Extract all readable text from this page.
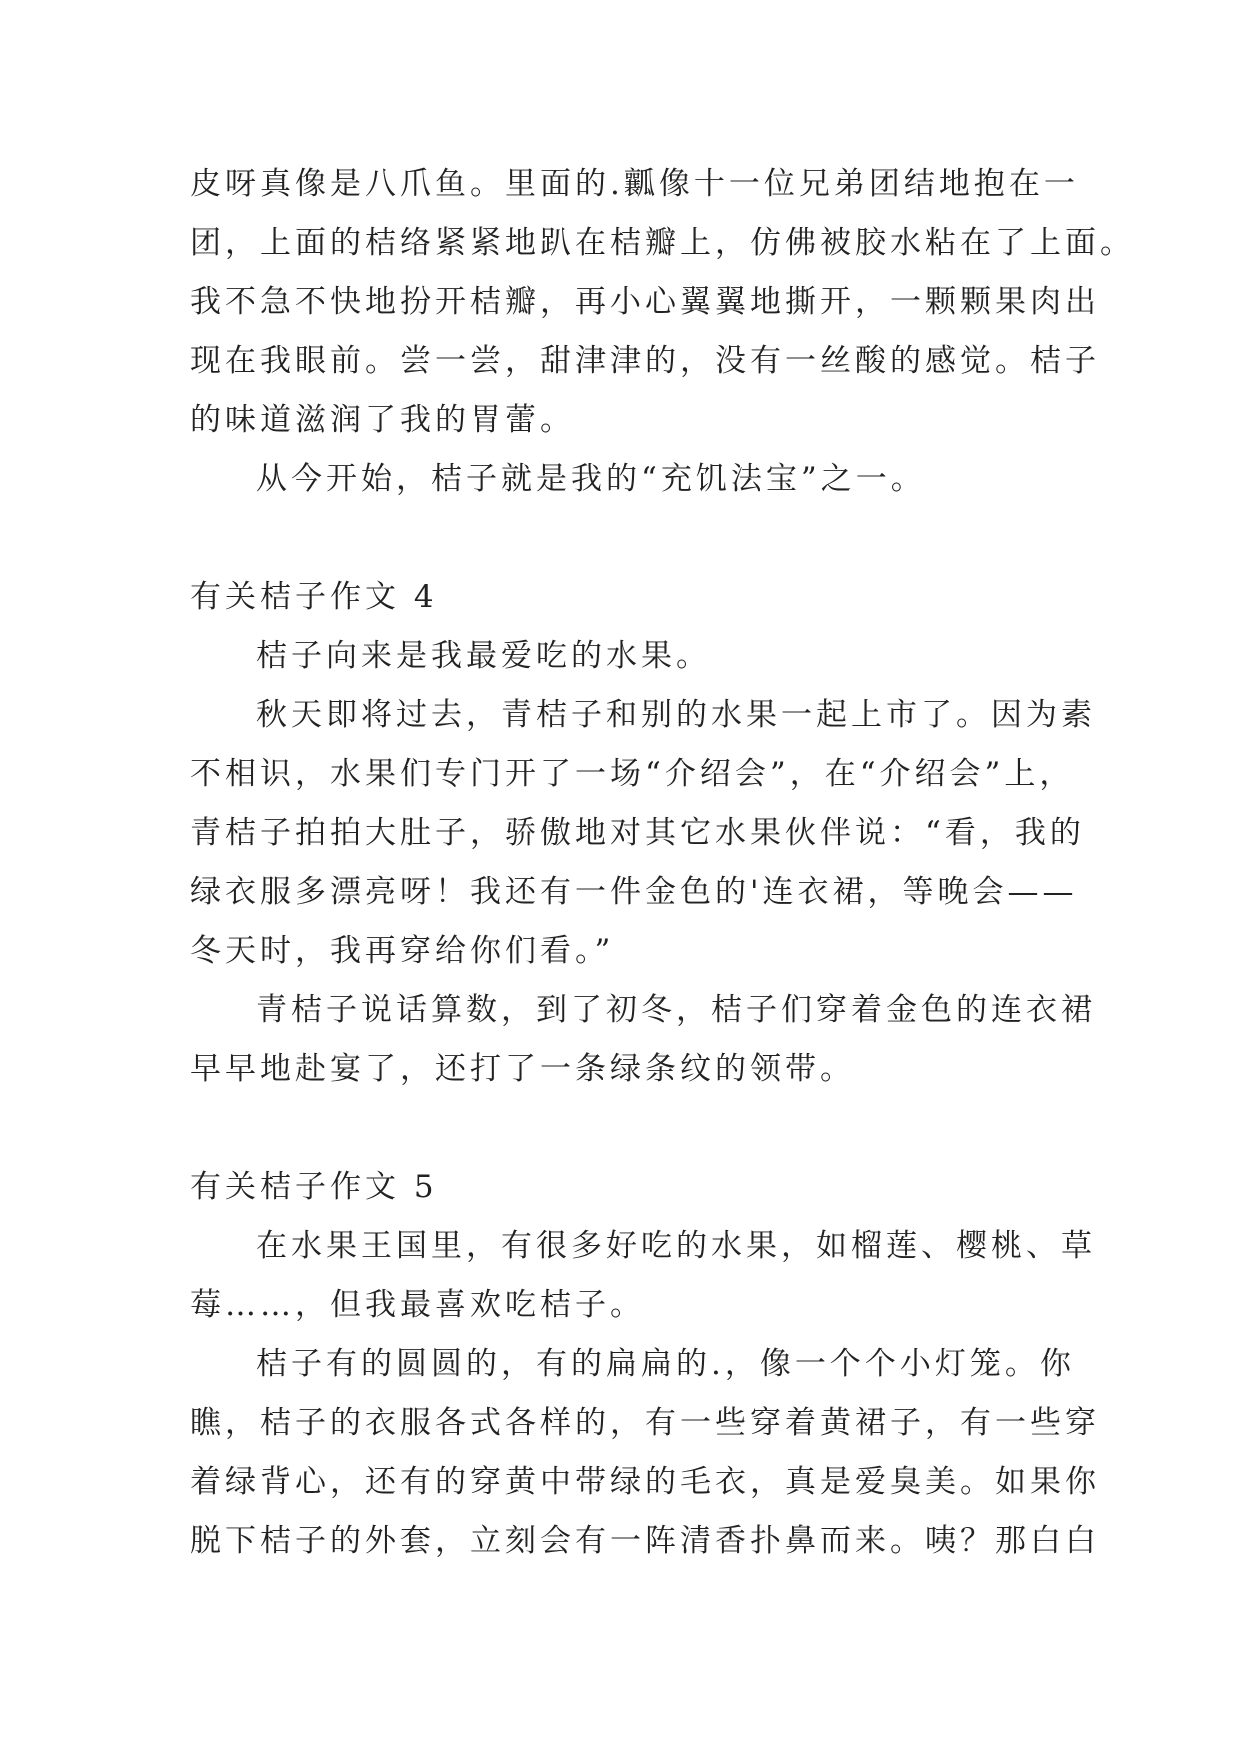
皮呀真像是八爪鱼。里面的.瓤像十一位兄弟团结地抱在一
团，上面的桔络紧紧地趴在桔瓣上，仿佛被胶水粘在了上面。
我不急不快地扮开桔瓣，再小心翼翼地撕开，一颗颗果肉出
现在我眼前。尝一尝，甜津津的，没有一丝酸的感觉。桔子
的味道滋润了我的胃蕾。
从今开始，桔子就是我的“充饥法宝”之一。
有关桔子作文 4
桔子向来是我最爱吃的水果。
秋天即将过去，青桔子和别的水果一起上市了。因为素
不相识，水果们专门开了一场“介绍会”，在“介绍会”上，
青桔子拍拍大肚子，骄傲地对其它水果伙伴说：“看，我的
绿衣服多漂亮呀！我还有一件金色的'连衣裙，等晚会——
冬天时，我再穿给你们看。”
青桔子说话算数，到了初冬，桔子们穿着金色的连衣裙
早早地赴宴了，还打了一条绿条纹的领带。
有关桔子作文 5
在水果王国里，有很多好吃的水果，如榴莲、樱桃、草
莓……，但我最喜欢吃桔子。
桔子有的圆圆的，有的扁扁的.，像一个个小灯笼。你
瞧，桔子的衣服各式各样的，有一些穿着黄裙子，有一些穿
着绿背心，还有的穿黄中带绿的毛衣，真是爱臭美。如果你
脱下桔子的外套，立刻会有一阵清香扑鼻而来。咦？那白白
